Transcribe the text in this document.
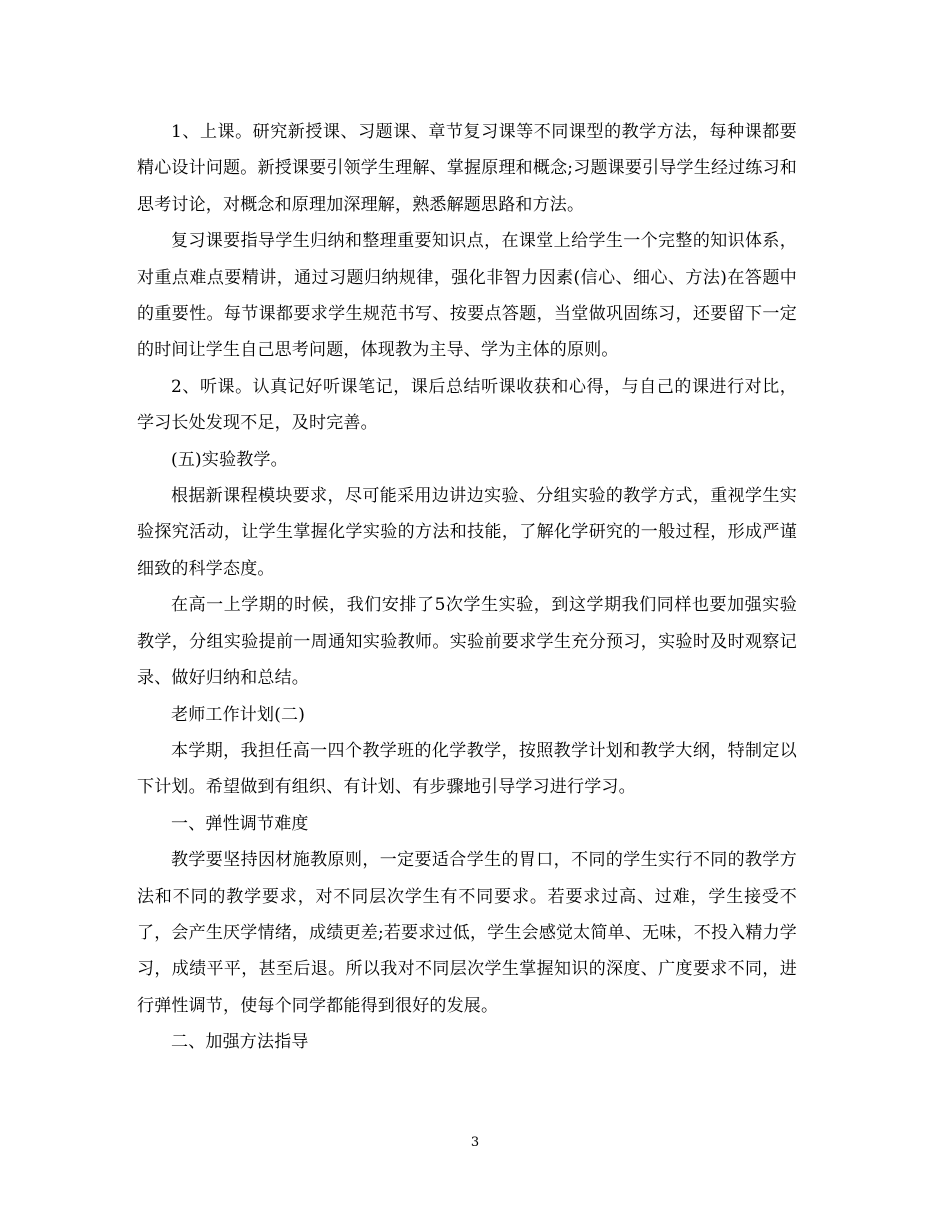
1、上课。研究新授课、习题课、章节复习课等不同课型的教学方法，每种课都要精心设计问题。新授课要引领学生理解、掌握原理和概念;习题课要引导学生经过练习和思考讨论，对概念和原理加深理解，熟悉解题思路和方法。

复习课要指导学生归纳和整理重要知识点，在课堂上给学生一个完整的知识体系，对重点难点要精讲，通过习题归纳规律，强化非智力因素(信心、细心、方法)在答题中的重要性。每节课都要求学生规范书写、按要点答题，当堂做巩固练习，还要留下一定的时间让学生自己思考问题，体现教为主导、学为主体的原则。

2、听课。认真记好听课笔记，课后总结听课收获和心得，与自己的课进行对比，学习长处发现不足，及时完善。

(五)实验教学。

根据新课程模块要求，尽可能采用边讲边实验、分组实验的教学方式，重视学生实验探究活动，让学生掌握化学实验的方法和技能，了解化学研究的一般过程，形成严谨细致的科学态度。

在高一上学期的时候，我们安排了5次学生实验，到这学期我们同样也要加强实验教学，分组实验提前一周通知实验教师。实验前要求学生充分预习，实验时及时观察记录、做好归纳和总结。

老师工作计划(二)

本学期，我担任高一四个教学班的化学教学，按照教学计划和教学大纲，特制定以下计划。希望做到有组织、有计划、有步骤地引导学习进行学习。

一、弹性调节难度

教学要坚持因材施教原则，一定要适合学生的胃口，不同的学生实行不同的教学方法和不同的教学要求，对不同层次学生有不同要求。若要求过高、过难，学生接受不了，会产生厌学情绪，成绩更差;若要求过低，学生会感觉太简单、无味，不投入精力学习，成绩平平，甚至后退。所以我对不同层次学生掌握知识的深度、广度要求不同，进行弹性调节，使每个同学都能得到很好的发展。

二、加强方法指导

3
